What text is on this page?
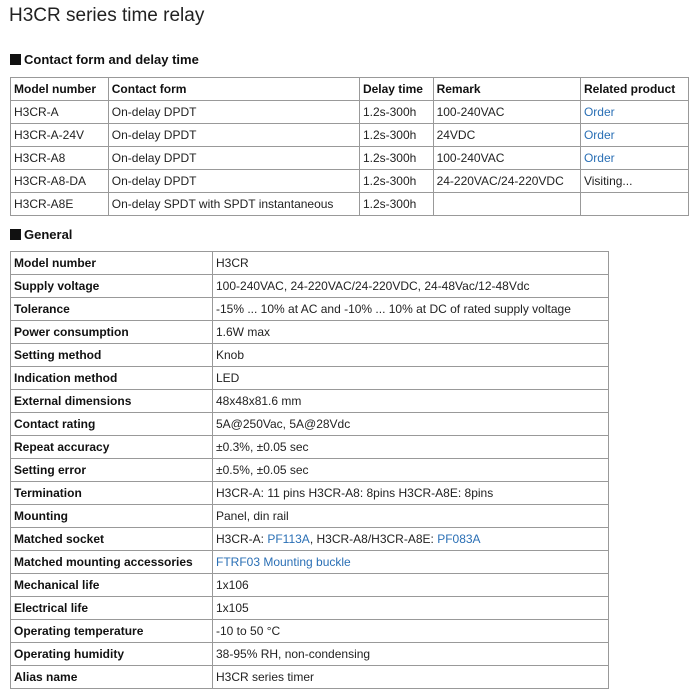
H3CR series time relay
Contact form and delay time
Model number	Contact form	Delay time	Remark	Related product
H3CR-A	On-delay DPDT	1.2s-300h	100-240VAC	Order
H3CR-A-24V	On-delay DPDT	1.2s-300h	24VDC	Order
H3CR-A8	On-delay DPDT	1.2s-300h	100-240VAC	Order
H3CR-A8-DA	On-delay DPDT	1.2s-300h	24-220VAC/24-220VDC	Visiting...
H3CR-A8E	On-delay SPDT with SPDT instantaneous	1.2s-300h		
General
Model number	H3CR
Supply voltage	100-240VAC, 24-220VAC/24-220VDC, 24-48Vac/12-48Vdc
Tolerance	-15% ... 10% at AC and -10% ... 10% at DC of rated supply voltage
Power consumption	1.6W max
Setting method	Knob
Indication method	LED
External dimensions	48x48x81.6 mm
Contact rating	5A@250Vac, 5A@28Vdc
Repeat accuracy	±0.3%, ±0.05 sec
Setting error	±0.5%, ±0.05 sec
Termination	H3CR-A: 11 pins H3CR-A8: 8pins H3CR-A8E: 8pins
Mounting	Panel, din rail
Matched socket	H3CR-A: PF113A, H3CR-A8/H3CR-A8E: PF083A
Matched mounting accessories	FTRF03 Mounting buckle
Mechanical life	1x106
Electrical life	1x105
Operating temperature	-10 to 50 °C
Operating humidity	38-95% RH, non-condensing
Alias name	H3CR series timer
